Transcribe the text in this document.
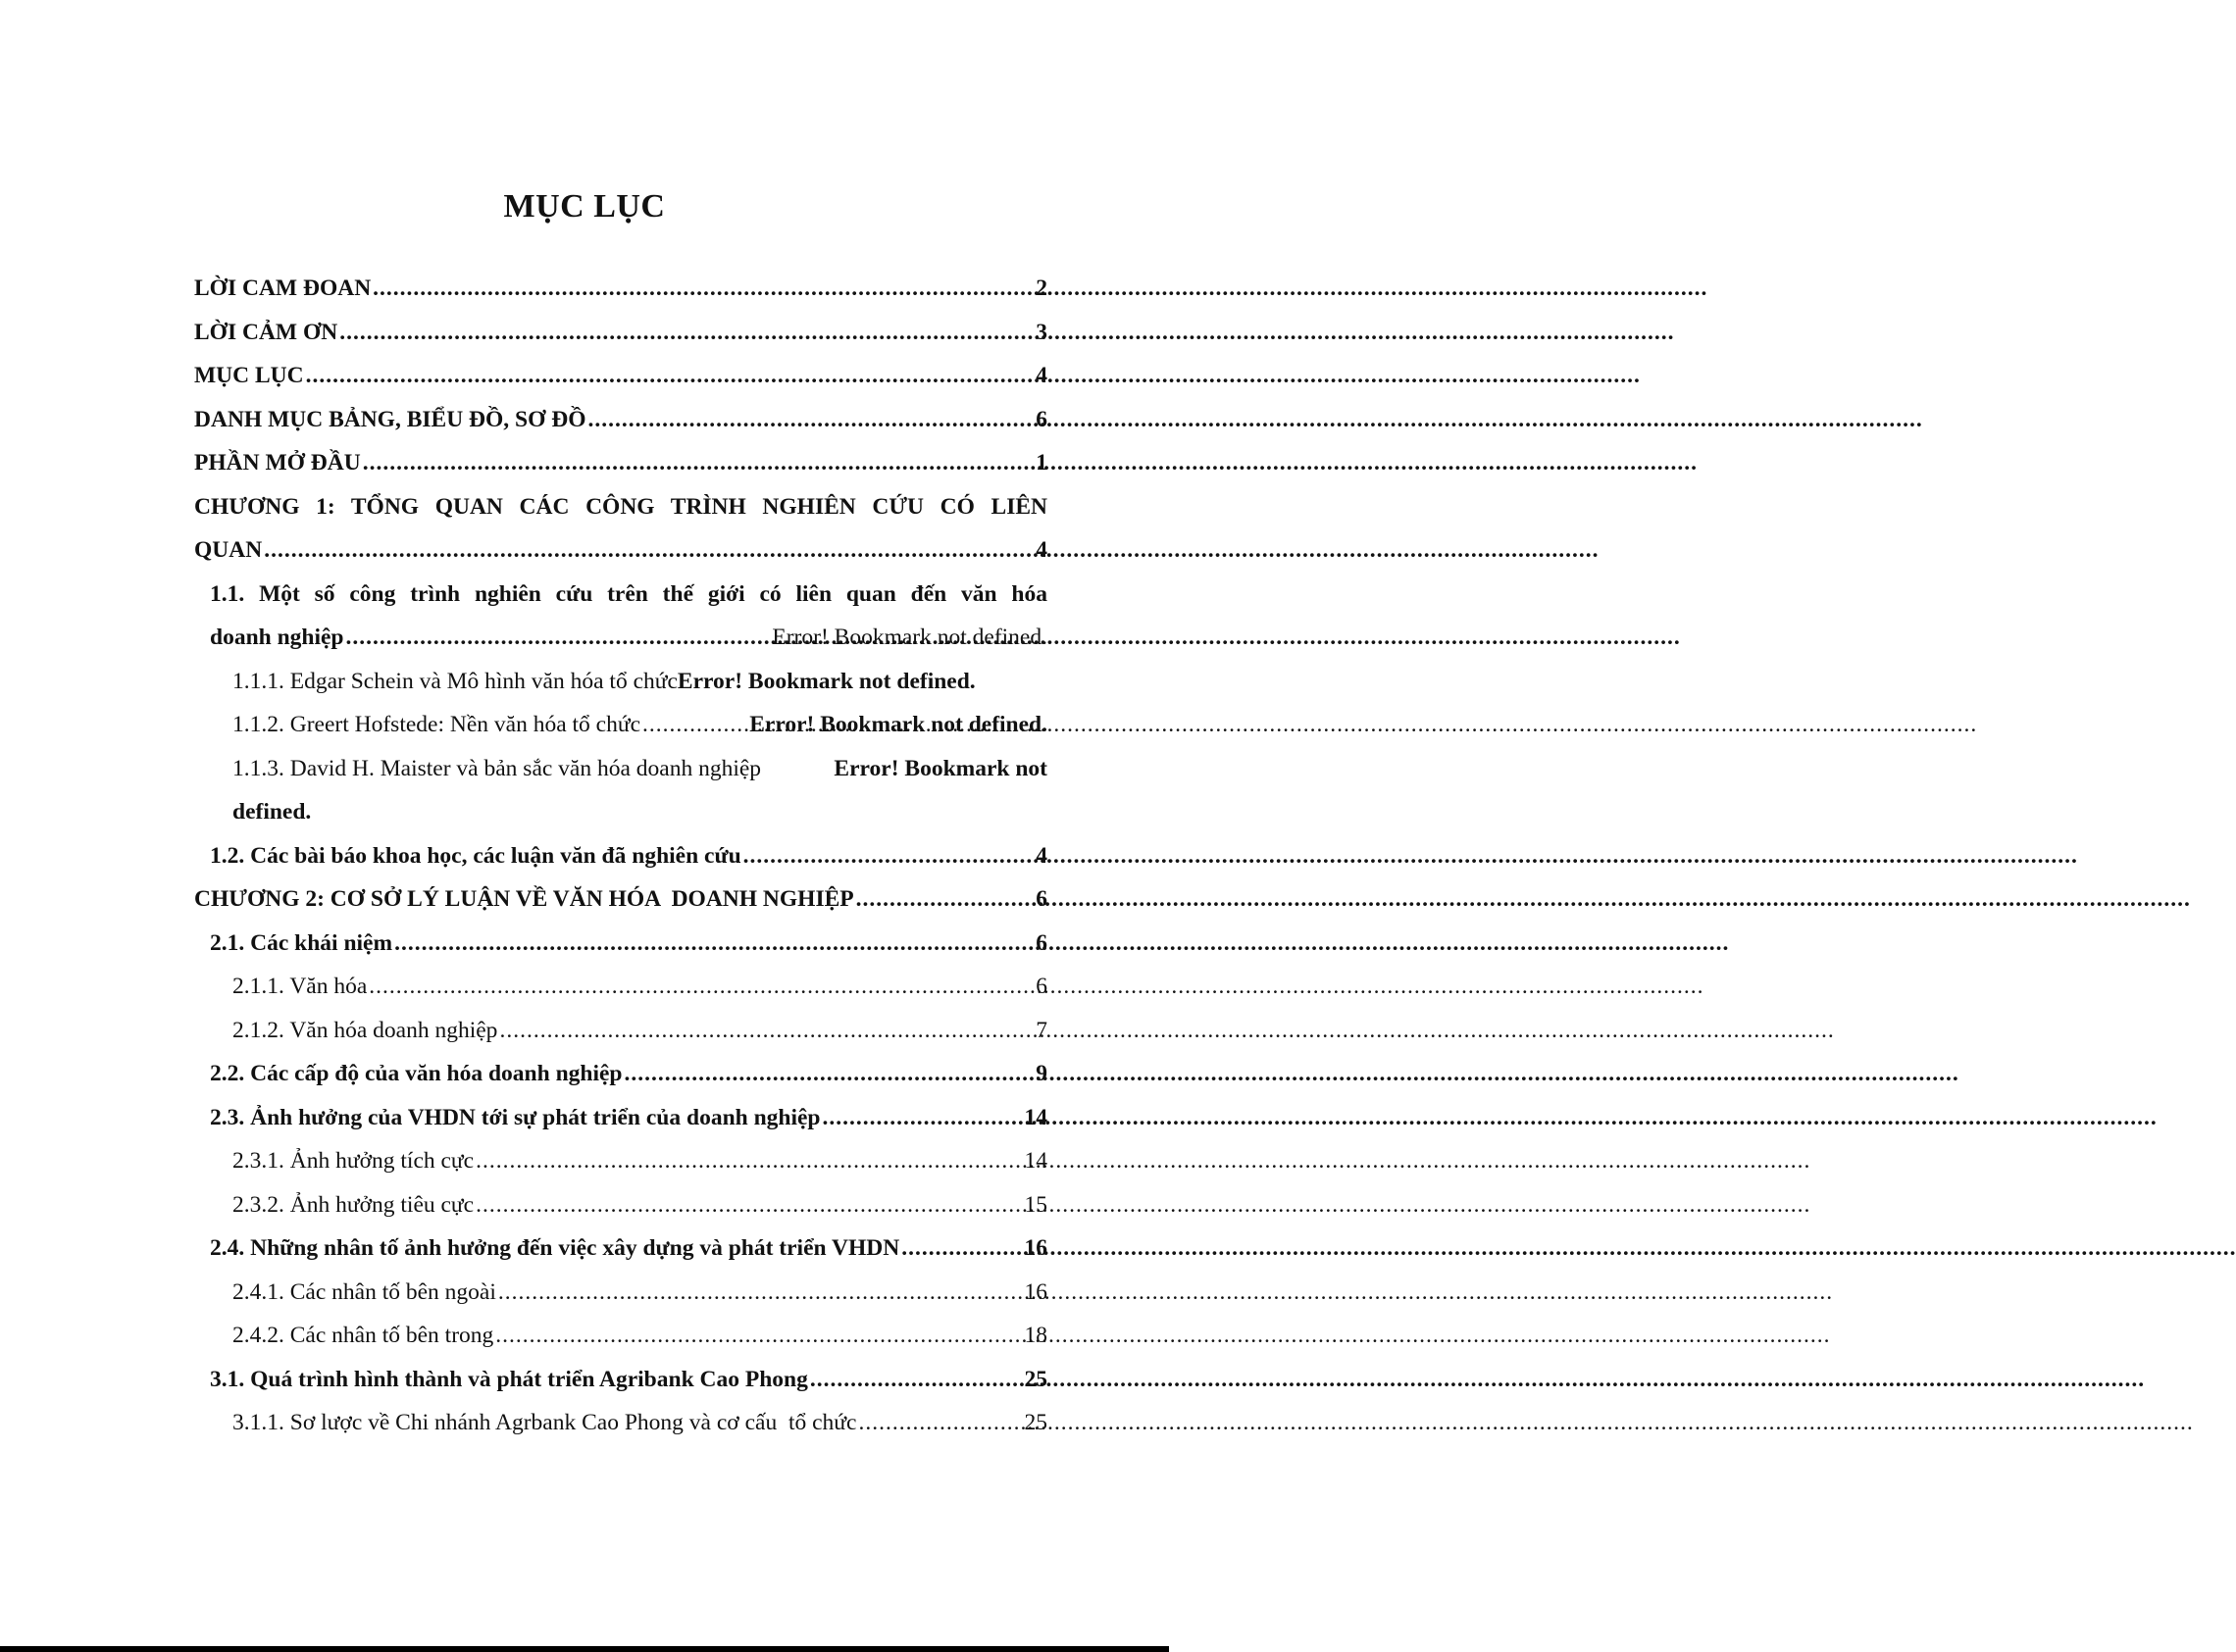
MỤC LỤC
LỜI CAM ĐOAN .....	2
LỜI CẢM ƠN .....	3
MỤC LỤC .....	4
DANH MỤC BẢNG, BIỂU ĐỒ, SƠ ĐỒ .....	6
PHẦN MỞ ĐẦU .....	1
CHƯƠNG 1: TỔNG QUAN CÁC CÔNG TRÌNH NGHIÊN CỨU CÓ LIÊN
QUAN .....	4
1.1. Một số công trình nghiên cứu trên thế giới có liên quan đến văn hóa
doanh nghiệp .....	Error! Bookmark not defined.
1.1.1. Edgar Schein và Mô hình văn hóa tổ chức Error! Bookmark not defined.
1.1.2. Greert Hofstede: Nền văn hóa tổ chức .....	Error! Bookmark not defined.
1.1.3. David H. Maister và bản sắc văn hóa doanh nghiệp	Error! Bookmark not
defined.
1.2. Các bài báo khoa học, các luận văn đã nghiên cứu .....	4
CHƯƠNG 2: CƠ SỞ LÝ LUẬN VỀ VĂN HÓA  DOANH NGHIỆP .....	6
2.1. Các khái niệm .....	6
2.1.1. Văn hóa .....	6
2.1.2. Văn hóa doanh nghiệp .....	7
2.2. Các cấp độ của văn hóa doanh nghiệp .....	9
2.3. Ảnh hưởng của VHDN tới sự phát triển của doanh nghiệp .....	14
2.3.1. Ảnh hưởng tích cực .....	14
2.3.2. Ảnh hưởng tiêu cực .....	15
2.4. Những nhân tố ảnh hưởng đến việc xây dựng và phát triển VHDN .....	16
2.4.1. Các nhân tố bên ngoài .....	16
2.4.2. Các nhân tố bên trong .....	18
3.1. Quá trình hình thành và phát triển Agribank Cao Phong .....	25
3.1.1. Sơ lược về Chi nhánh Agrbank Cao Phong và cơ cấu  tổ chức .....	25
